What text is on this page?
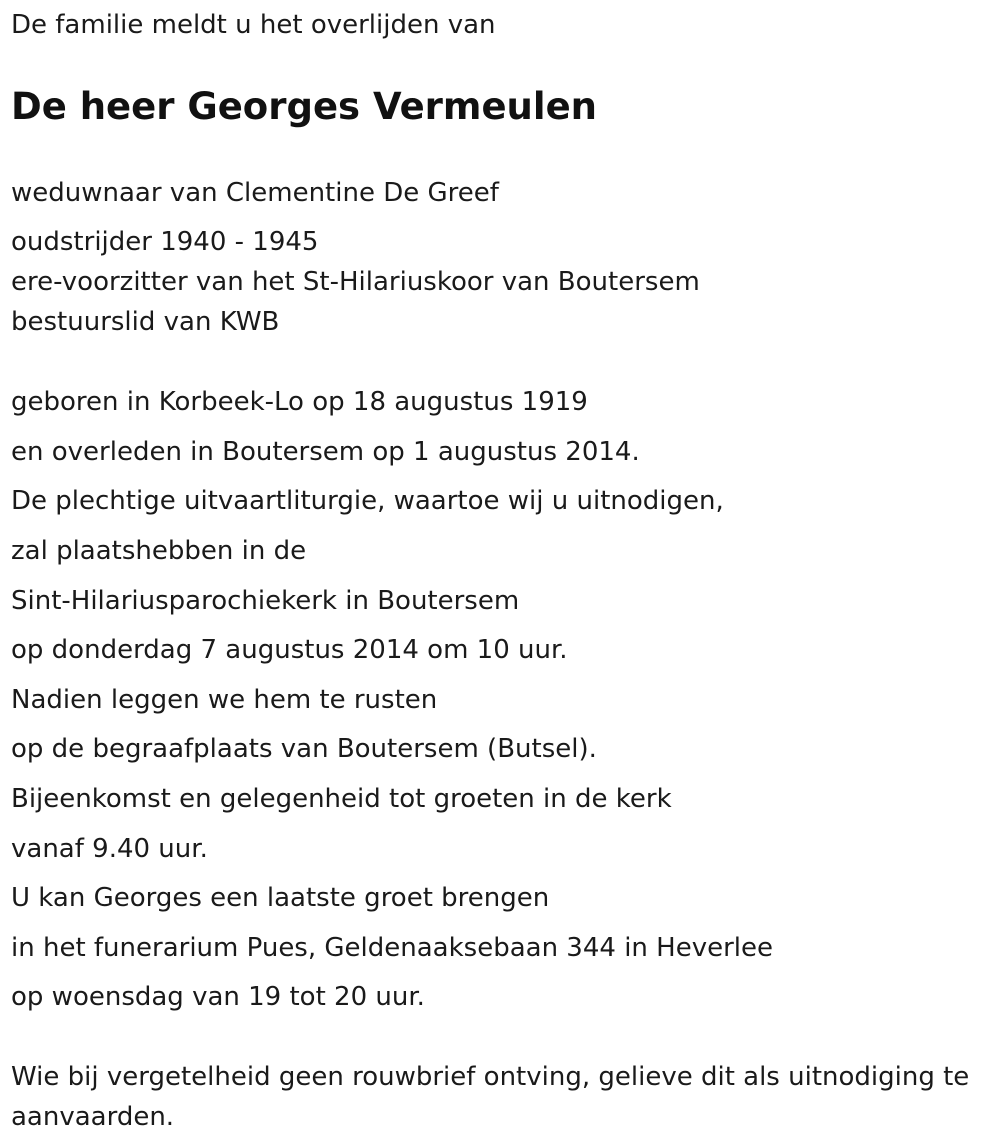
De familie meldt u het overlijden van

De heer Georges Vermeulen

weduwnaar van Clementine De Greef

oudstrijder 1940 - 1945

ere-voorzitter van het St-Hilariuskoor van Boutersem

bestuurslid van KWB

geboren in Korbeek-Lo op 18 augustus 1919

en overleden in Boutersem op 1 augustus 2014.

De plechtige uitvaartliturgie, waartoe wij u uitnodigen,

zal plaatshebben in de

Sint-Hilariusparochiekerk in Boutersem

op donderdag 7 augustus 2014 om 10 uur.

Nadien leggen we hem te rusten

op de begraafplaats van Boutersem (Butsel).

Bijeenkomst en gelegenheid tot groeten in de kerk

vanaf 9.40 uur.

U kan Georges een laatste groet brengen

in het funerarium Pues, Geldenaaksebaan 344 in Heverlee

op woensdag van 19 tot 20 uur.

Wie bij vergetelheid geen rouwbrief ontving, gelieve dit als uitnodiging te

aanvaarden.
